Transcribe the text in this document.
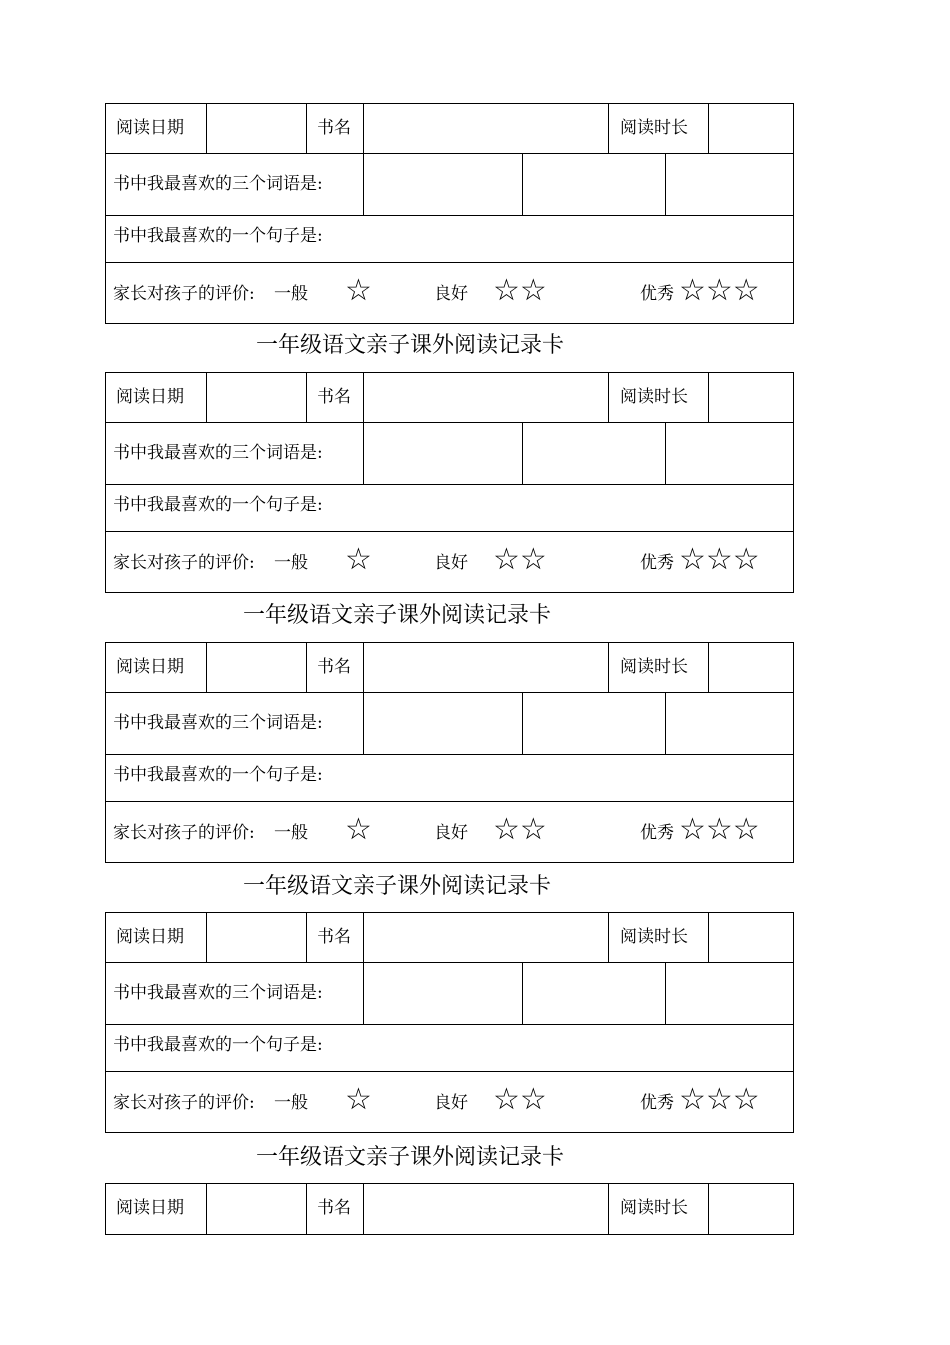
阅读日期	书名	阅读时长
书中我最喜欢的三个词语是:
书中我最喜欢的一个句子是:
家长对孩子的评价: 一般 ☆	良好 ☆☆	优秀 ☆☆☆
一年级语文亲子课外阅读记录卡
阅读日期	书名	阅读时长
书中我最喜欢的三个词语是:
书中我最喜欢的一个句子是:
家长对孩子的评价: 一般 ☆	良好 ☆☆	优秀 ☆☆☆
一年级语文亲子课外阅读记录卡
阅读日期	书名	阅读时长
书中我最喜欢的三个词语是:
书中我最喜欢的一个句子是:
家长对孩子的评价: 一般 ☆	良好 ☆☆	优秀 ☆☆☆
一年级语文亲子课外阅读记录卡
阅读日期	书名	阅读时长
书中我最喜欢的三个词语是:
书中我最喜欢的一个句子是:
家长对孩子的评价: 一般 ☆	良好 ☆☆	优秀 ☆☆☆
一年级语文亲子课外阅读记录卡
阅读日期	书名	阅读时长
